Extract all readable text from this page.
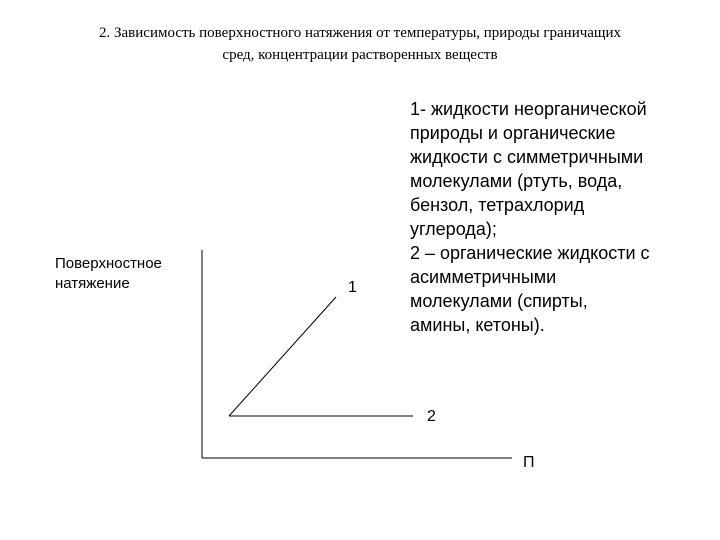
2. Зависимость поверхностного натяжения от температуры, природы граничащих
сред, концентрации растворенных веществ
Поверхностное
натяжение	1
2
П
1- жидкости неорганической
природы и органические
жидкости с симметричными
молекулами (ртуть, вода,
бензол, тетрахлорид
углерода);
2 – органические жидкости с
асимметричными
молекулами (спирты,
амины, кетоны).
